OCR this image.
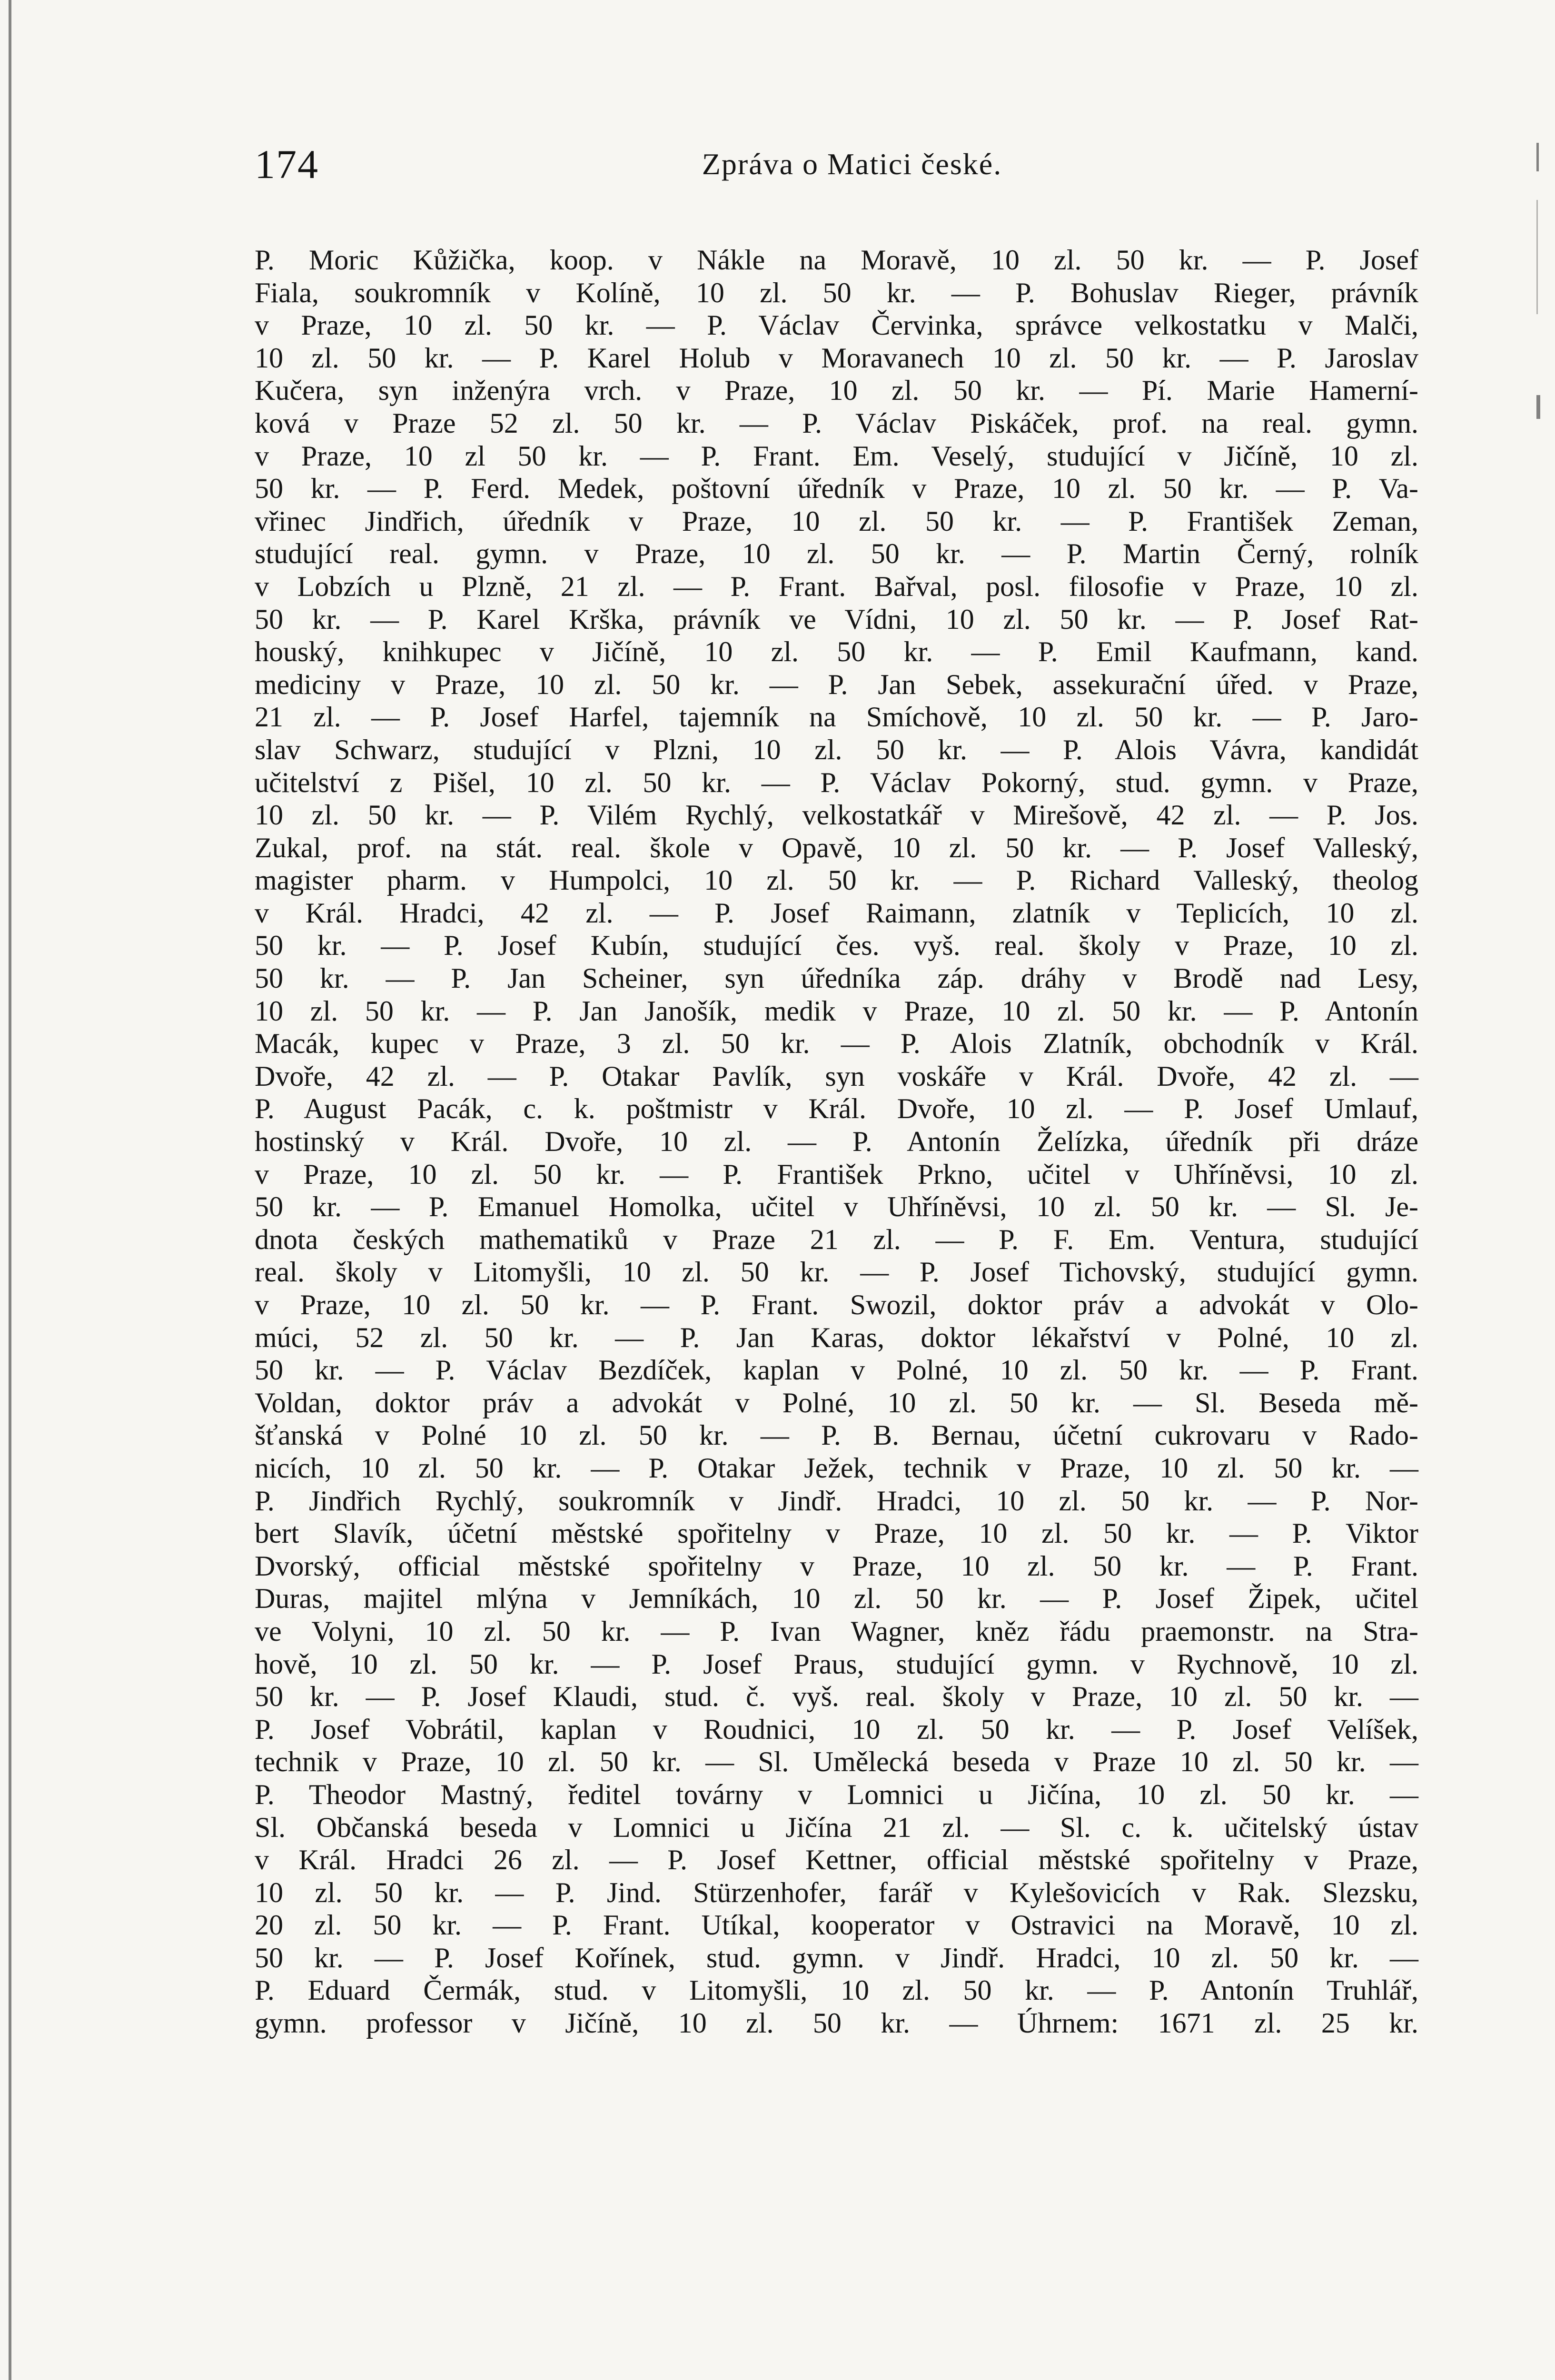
174	Zpráva o Matici české.
P. Moric Kůžička, koop. v Nákle na Moravě, 10 zl. 50 kr. — P. Josef
Fiala, soukromník v Kolíně, 10 zl. 50 kr. — P. Bohuslav Rieger, právník
v Praze, 10 zl. 50 kr. — P. Václav Červinka, správce velkostatku v Malči,
10 zl. 50 kr. — P. Karel Holub v Moravanech 10 zl. 50 kr. — P. Jaroslav
Kučera, syn inženýra vrch. v Praze, 10 zl. 50 kr. — Pí. Marie Hamerní-
ková v Praze 52 zl. 50 kr. — P. Václav Piskáček, prof. na real. gymn.
v Praze, 10 zl 50 kr. — P. Frant. Em. Veselý, studující v Jičíně, 10 zl.
50 kr. — P. Ferd. Medek, poštovní úředník v Praze, 10 zl. 50 kr. — P. Va-
vřinec Jindřich, úředník v Praze, 10 zl. 50 kr. — P. František Zeman,
studující real. gymn. v Praze, 10 zl. 50 kr. — P. Martin Černý, rolník
v Lobzích u Plzně, 21 zl. — P. Frant. Bařval, posl. filosofie v Praze, 10 zl.
50 kr. — P. Karel Krška, právník ve Vídni, 10 zl. 50 kr. — P. Josef Rat-
houský, knihkupec v Jičíně, 10 zl. 50 kr. — P. Emil Kaufmann, kand.
mediciny v Praze, 10 zl. 50 kr. — P. Jan Sebek, assekurační úřed. v Praze,
21 zl. — P. Josef Harfel, tajemník na Smíchově, 10 zl. 50 kr. — P. Jaro-
slav Schwarz, studující v Plzni, 10 zl. 50 kr. — P. Alois Vávra, kandidát
učitelství z Pišel, 10 zl. 50 kr. — P. Václav Pokorný, stud. gymn. v Praze,
10 zl. 50 kr. — P. Vilém Rychlý, velkostatkář v Mirešově, 42 zl. — P. Jos.
Zukal, prof. na stát. real. škole v Opavě, 10 zl. 50 kr. — P. Josef Valleský,
magister pharm. v Humpolci, 10 zl. 50 kr. — P. Richard Valleský, theolog
v Král. Hradci, 42 zl. — P. Josef Raimann, zlatník v Teplicích, 10 zl.
50 kr. — P. Josef Kubín, studující čes. vyš. real. školy v Praze, 10 zl.
50 kr. — P. Jan Scheiner, syn úředníka záp. dráhy v Brodě nad Lesy,
10 zl. 50 kr. — P. Jan Janošík, medik v Praze, 10 zl. 50 kr. — P. Antonín
Macák, kupec v Praze, 3 zl. 50 kr. — P. Alois Zlatník, obchodník v Král.
Dvoře, 42 zl. — P. Otakar Pavlík, syn voskáře v Král. Dvoře, 42 zl. —
P. August Pacák, c. k. poštmistr v Král. Dvoře, 10 zl. — P. Josef Umlauf,
hostinský v Král. Dvoře, 10 zl. — P. Antonín Želízka, úředník při dráze
v Praze, 10 zl. 50 kr. — P. František Prkno, učitel v Uhříněvsi, 10 zl.
50 kr. — P. Emanuel Homolka, učitel v Uhříněvsi, 10 zl. 50 kr. — Sl. Je-
dnota českých mathematiků v Praze 21 zl. — P. F. Em. Ventura, studující
real. školy v Litomyšli, 10 zl. 50 kr. — P. Josef Tichovský, studující gymn.
v Praze, 10 zl. 50 kr. — P. Frant. Swozil, doktor práv a advokát v Olo-
múci, 52 zl. 50 kr. — P. Jan Karas, doktor lékařství v Polné, 10 zl.
50 kr. — P. Václav Bezdíček, kaplan v Polné, 10 zl. 50 kr. — P. Frant.
Voldan, doktor práv a advokát v Polné, 10 zl. 50 kr. — Sl. Beseda mě-
šťanská v Polné 10 zl. 50 kr. — P. B. Bernau, účetní cukrovaru v Rado-
nicích, 10 zl. 50 kr. — P. Otakar Ježek, technik v Praze, 10 zl. 50 kr. —
P. Jindřich Rychlý, soukromník v Jindř. Hradci, 10 zl. 50 kr. — P. Nor-
bert Slavík, účetní městské spořitelny v Praze, 10 zl. 50 kr. — P. Viktor
Dvorský, official městské spořitelny v Praze, 10 zl. 50 kr. — P. Frant.
Duras, majitel mlýna v Jemníkách, 10 zl. 50 kr. — P. Josef Žipek, učitel
ve Volyni, 10 zl. 50 kr. — P. Ivan Wagner, kněz řádu praemonstr. na Stra-
hově, 10 zl. 50 kr. — P. Josef Praus, studující gymn. v Rychnově, 10 zl.
50 kr. — P. Josef Klaudi, stud. č. vyš. real. školy v Praze, 10 zl. 50 kr. —
P. Josef Vobrátil, kaplan v Roudnici, 10 zl. 50 kr. — P. Josef Velíšek,
technik v Praze, 10 zl. 50 kr. — Sl. Umělecká beseda v Praze 10 zl. 50 kr. —
P. Theodor Mastný, ředitel továrny v Lomnici u Jičína, 10 zl. 50 kr. —
Sl. Občanská beseda v Lomnici u Jičína 21 zl. — Sl. c. k. učitelský ústav
v Král. Hradci 26 zl. — P. Josef Kettner, official městské spořitelny v Praze,
10 zl. 50 kr. — P. Jind. Stürzenhofer, farář v Kylešovicích v Rak. Slezsku,
20 zl. 50 kr. — P. Frant. Utíkal, kooperator v Ostravici na Moravě, 10 zl.
50 kr. — P. Josef Kořínek, stud. gymn. v Jindř. Hradci, 10 zl. 50 kr. —
P. Eduard Čermák, stud. v Litomyšli, 10 zl. 50 kr. — P. Antonín Truhlář,
gymn. professor v Jičíně, 10 zl. 50 kr. — Úhrnem: 1671 zl. 25 kr.
